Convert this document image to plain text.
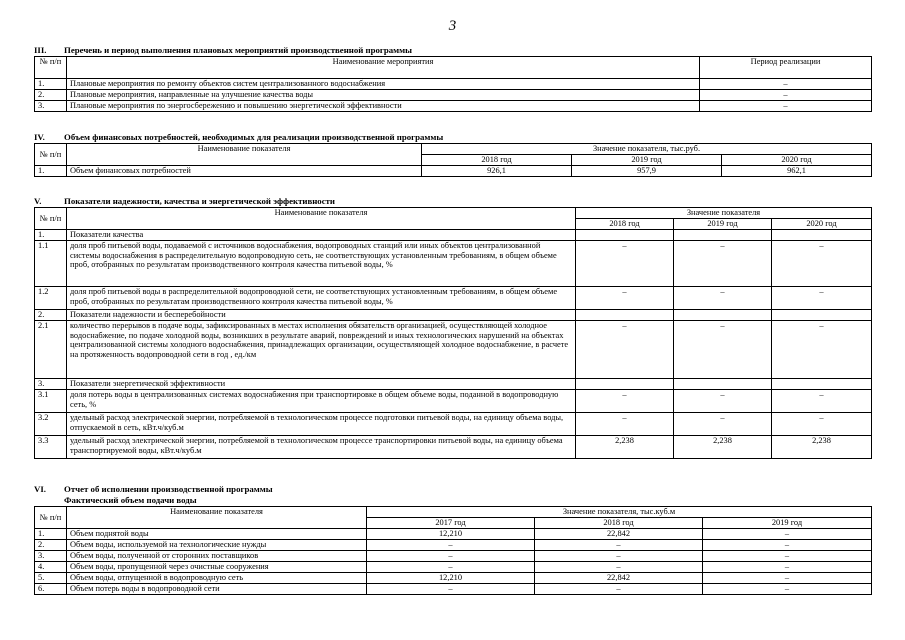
3
III. Перечень и период выполнения плановых мероприятий производственной программы
№ п/п	Наименование мероприятия	Период реализации
1.	Плановые мероприятия по ремонту объектов систем централизованного водоснабжения	–
2.	Плановые мероприятия, направленные на улучшение качества воды	–
3.	Плановые мероприятия по энергосбережению и повышению энергетической эффективности	–
IV. Объем финансовых потребностей, необходимых для реализации производственной программы
№ п/п	Наименование показателя	Значение показателя, тыс.руб.		
		2018 год	2019 год	2020 год
1.	Объем финансовых потребностей	926,1	957,9	962,1
V.	Показатели надежности, качества и энергетической эффективности
№ п/п	Наименование показателя	Значение показателя		
		2018 год	2019 год	2020 год
1.	Показатели качества			
1.1	доля проб питьевой воды, подаваемой с источников водоснабжения, водопроводных станций или иных объектов централизованной системы водоснабжения в распределительную водопроводную сеть, не соответствующих установленным требованиям, в общем объеме проб, отобранных по результатам производственного контроля качества питьевой воды, %	–	–	–
1.2	доля проб питьевой воды в распределительной водопроводной сети, не соответствующих установленным требованиям, в общем объеме проб, отобранных по результатам производственного контроля качества питьевой воды, %	–	–	–
2.	Показатели надежности и бесперебойности			
2.1	количество перерывов в подаче воды, зафиксированных в местах исполнения обязательств организацией, осуществляющей холодное водоснабжение, по подаче холодной воды, возникших в результате аварий, повреждений и иных технологических нарушений на объектах централизованной системы холодного водоснабжения, принадлежащих организации, осуществляющей холодное водоснабжение, в расчете на протяженность водопроводной сети в год , ед./км	–	–	–
3.	Показатели энергетической эффективности			
3.1	доля потерь воды в централизованных системах водоснабжения при транспортировке в общем объеме воды, поданной в водопроводную сеть, %	–	–	–
3.2	удельный расход электрической энергии, потребляемой в технологическом процессе подготовки питьевой воды, на единицу объема воды, отпускаемой в сеть, кВт.ч/куб.м	–	–	–
3.3	удельный расход электрической энергии, потребляемой в технологическом процессе транспортировки питьевой воды, на единицу объема транспортируемой воды, кВт.ч/куб.м	2,238	2,238	2,238
VI. Отчет об исполнении производственной программы
Фактический объем подачи воды
№ п/п	Наименование показателя	Значение показателя, тыс.куб.м		
		2017 год	2018 год	2019 год
1.	Объем поднятой воды	12,210	22,842	–
2.	Объем воды, используемой на технологические нужды	–	–	–
3.	Объем воды, полученной от сторонних поставщиков	–	–	–
4.	Объем воды, пропущенной через очистные сооружения	–	–	–
5.	Объем воды, отпущенной в водопроводную сеть	12,210	22,842	–
6.	Объем потерь воды в водопроводной сети	–	–	–
